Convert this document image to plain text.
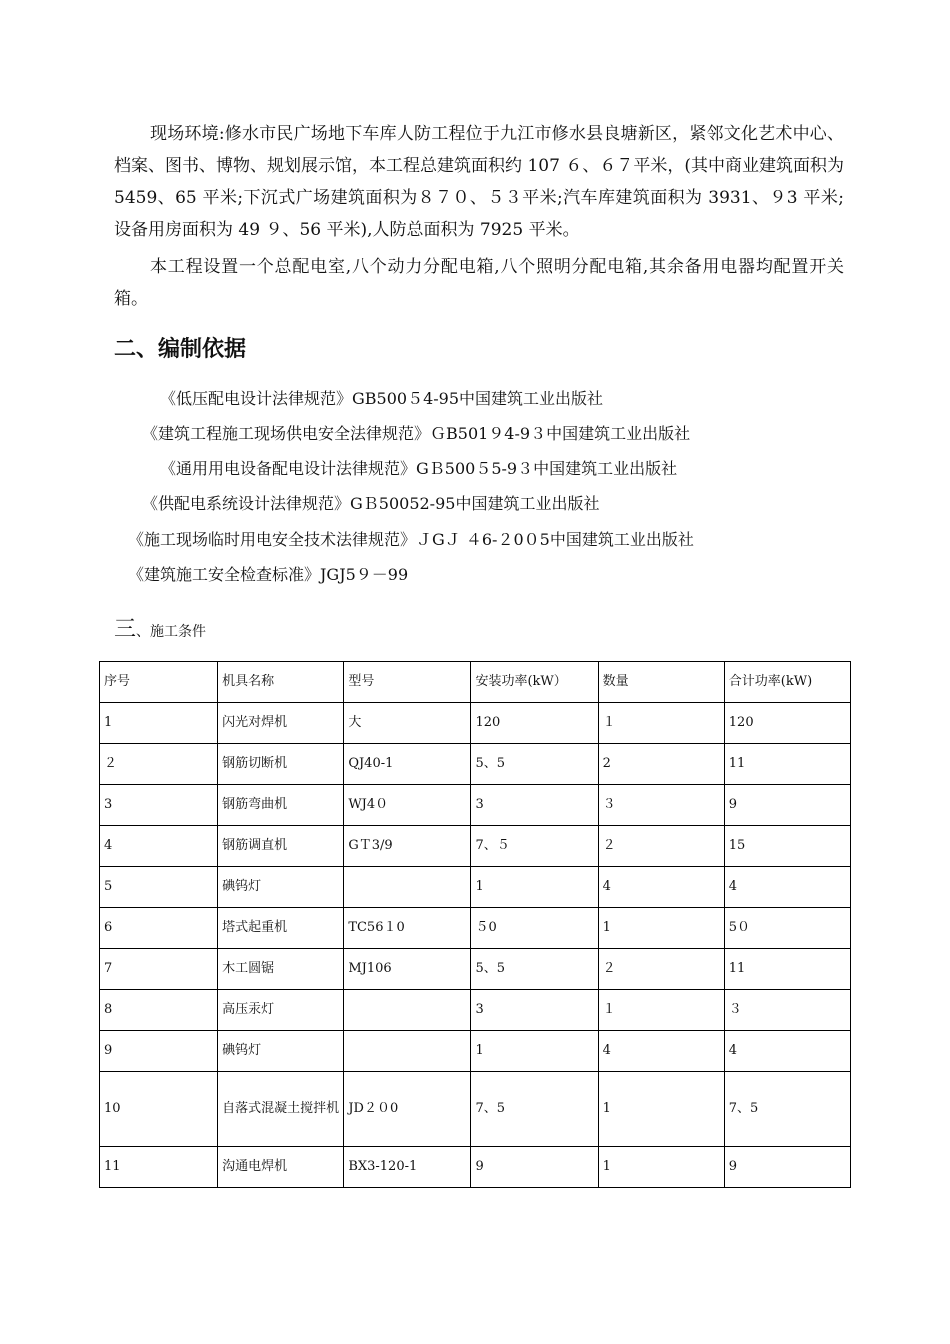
现场环境:修水市民广场地下车库人防工程位于九江市修水县良塘新区，紧邻文化艺术中心、档案、图书、博物、规划展示馆，本工程总建筑面积约 107 ６、６７平米，(其中商业建筑面积为 5459、65 平米;下沉式广场建筑面积为８７０、５３平米;汽车库建筑面积为 3931、９3 平米;设备用房面积为 49 ９、56 平米),人防总面积为 7925 平米。

本工程设置一个总配电室,八个动力分配电箱,八个照明分配电箱,其余备用电器均配置开关箱。

二、编制依据

《低压配电设计法律规范》GB500５4-95中国建筑工业出版社

《建筑工程施工现场供电安全法律规范》ＧB501９4-9３中国建筑工业出版社

《通用用电设备配电设计法律规范》GＢ500５5-9３中国建筑工业出版社

《供配电系统设计法律规范》GＢ50052-95中国建筑工业出版社

《施工现场临时用电安全技术法律规范》ＪGＪ ４6-２0０5中国建筑工业出版社

《建筑施工安全检查标准》JGJ5９－99

三、施工条件

序号	机具名称	型号	安装功率(kW）	数量	合计功率(kW)
1	闪光对焊机	大	120	１	120
２	钢筋切断机	QJ40-1	5、5	2	11
3	钢筋弯曲机	WJ4０	3	３	9
4	钢筋调直机	GＴ3/9	7、５	２	15
5	碘钨灯		1	4	4
6	塔式起重机	TC56１0	５0	1	5０
7	木工圆锯	MJ106	5、5	２	11
8	高压汞灯		3	１	３
9	碘钨灯		1	4	4
10	自落式混凝土搅拌机	JD２０0	7、5	1	7、5
11	沟通电焊机	BX3-120-1	9	1	9
